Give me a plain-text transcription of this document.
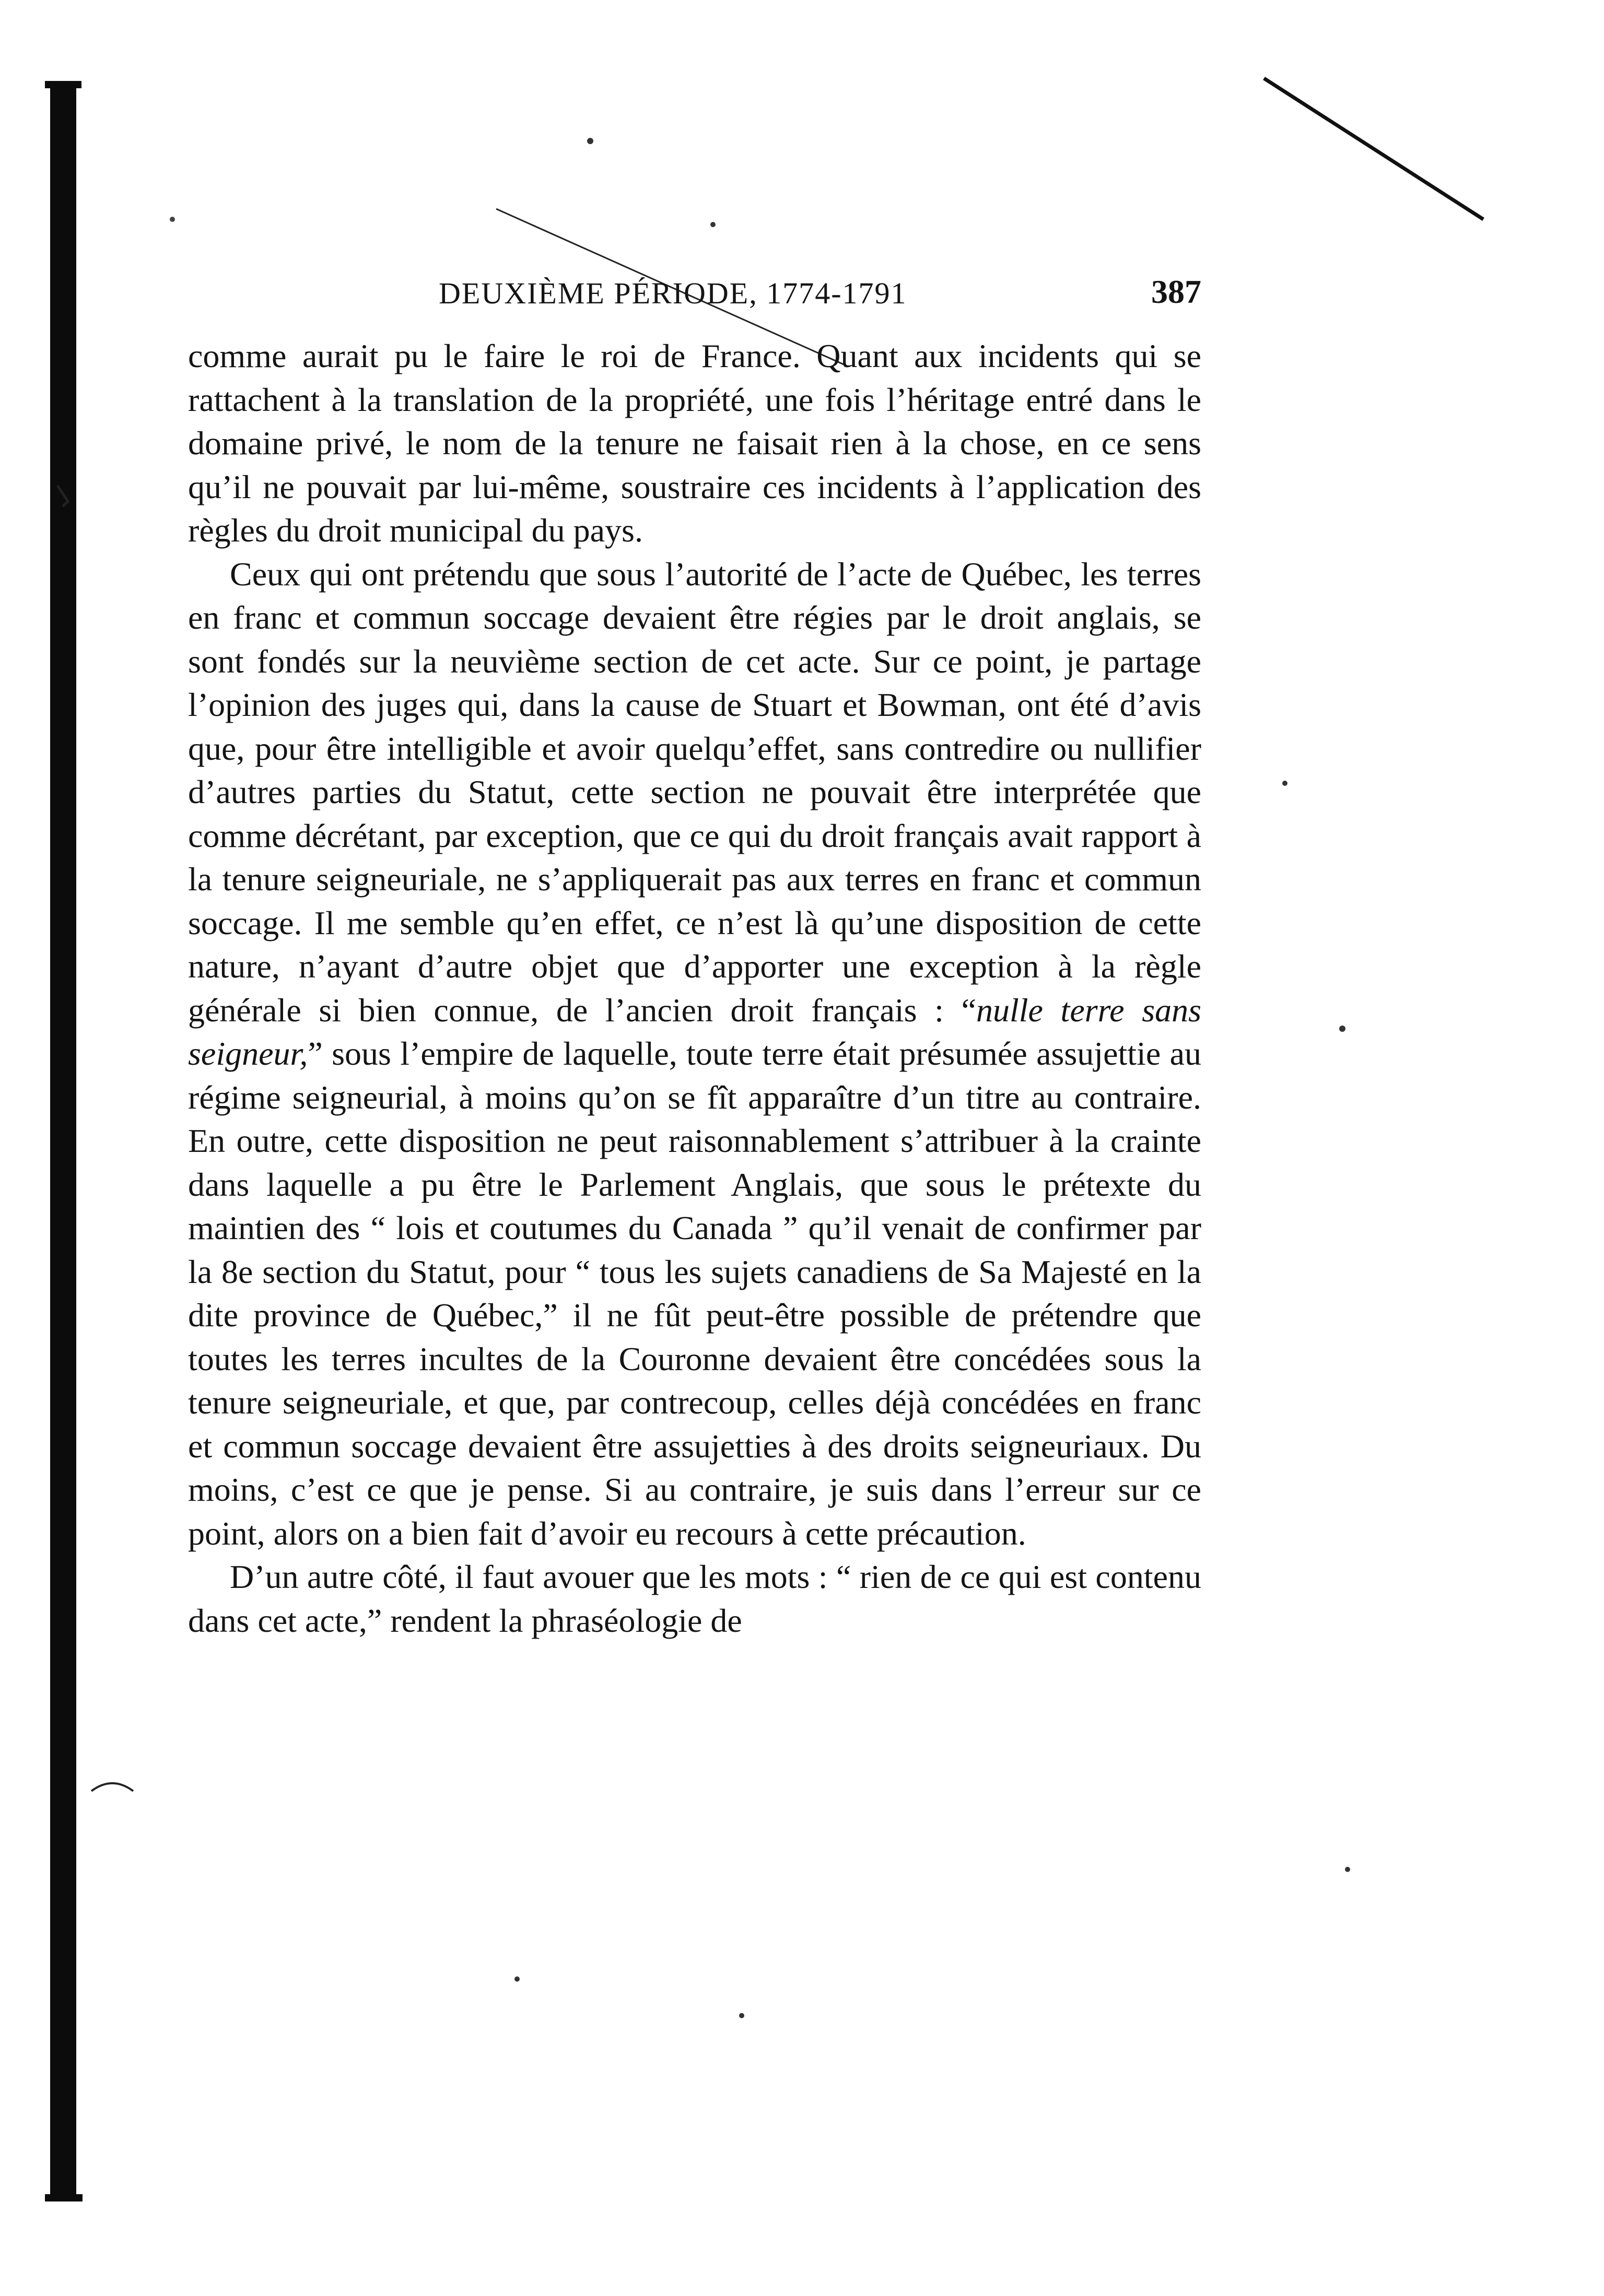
DEUXIÈME PÉRIODE, 1774-1791	387

comme aurait pu le faire le roi de France. Quant aux incidents qui se rattachent à la translation de la propriété, une fois l’héritage entré dans le domaine privé, le nom de la tenure ne faisait rien à la chose, en ce sens qu’il ne pouvait par lui-même, soustraire ces incidents à l’application des règles du droit municipal du pays.

Ceux qui ont prétendu que sous l’autorité de l’acte de Québec, les terres en franc et commun soccage devaient être régies par le droit anglais, se sont fondés sur la neuvième section de cet acte. Sur ce point, je partage l’opinion des juges qui, dans la cause de Stuart et Bowman, ont été d’avis que, pour être intelligible et avoir quelqu’effet, sans contredire ou nullifier d’autres parties du Statut, cette section ne pouvait être interprétée que comme décrétant, par exception, que ce qui du droit français avait rapport à la tenure seigneuriale, ne s’appliquerait pas aux terres en franc et commun soccage. Il me semble qu’en effet, ce n’est là qu’une disposition de cette nature, n’ayant d’autre objet que d’apporter une exception à la règle générale si bien connue, de l’ancien droit français : “nulle terre sans seigneur,” sous l’empire de laquelle, toute terre était présumée assujettie au régime seigneurial, à moins qu’on se fît apparaître d’un titre au contraire. En outre, cette disposition ne peut raisonnablement s’attribuer à la crainte dans laquelle a pu être le Parlement Anglais, que sous le prétexte du maintien des “ lois et coutumes du Canada ” qu’il venait de confirmer par la 8e section du Statut, pour “ tous les sujets canadiens de Sa Majesté en la dite province de Québec,” il ne fût peut-être possible de prétendre que toutes les terres incultes de la Couronne devaient être concédées sous la tenure seigneuriale, et que, par contrecoup, celles déjà concédées en franc et commun soccage devaient être assujetties à des droits seigneuriaux. Du moins, c’est ce que je pense. Si au contraire, je suis dans l’erreur sur ce point, alors on a bien fait d’avoir eu recours à cette précaution.

D’un autre côté, il faut avouer que les mots : “ rien de ce qui est contenu dans cet acte,” rendent la phraséologie de
